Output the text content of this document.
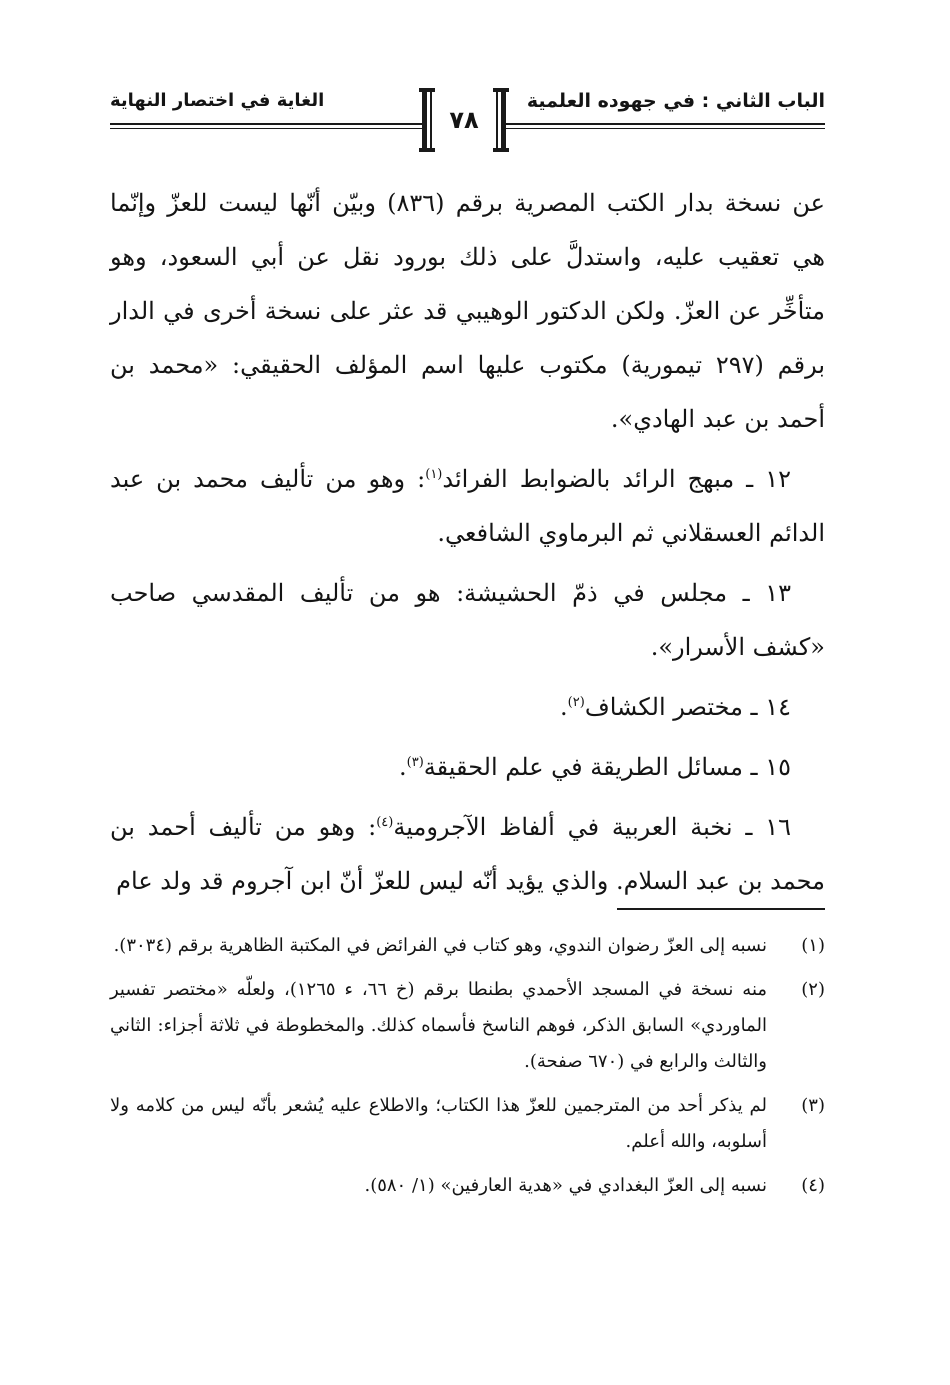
الباب الثاني : في جهوده العلمية
الغاية في اختصار النهاية
٧٨

عن نسخة بدار الكتب المصرية برقم (٨٣٦) وبيّن أنّها ليست للعزّ وإنّما هي تعقيب عليه، واستدلَّ على ذلك بورود نقل عن أبي السعود، وهو متأخِّر عن العزّ. ولكن الدكتور الوهيبي قد عثر على نسخة أخرى في الدار برقم (٢٩٧ تيمورية) مكتوب عليها اسم المؤلف الحقيقي: «محمد بن أحمد بن عبد الهادي».

١٢ ـ مبهج الرائد بالضوابط الفرائد$^{(١)}$: وهو من تأليف محمد بن عبد الدائم العسقلاني ثم البرماوي الشافعي.

١٣ ـ مجلس في ذمّ الحشيشة: هو من تأليف المقدسي صاحب «كشف الأسرار».

١٤ ـ مختصر الكشاف$^{(٢)}$.

١٥ ـ مسائل الطريقة في علم الحقيقة$^{(٣)}$.

١٦ ـ نخبة العربية في ألفاظ الآجرومية$^{(٤)}$: وهو من تأليف أحمد بن محمد بن عبد السلام. والذي يؤيد أنّه ليس للعزّ أنّ ابن آجروم قد ولد عام

(١)
نسبه إلى العزّ رضوان الندوي، وهو كتاب في الفرائض في المكتبة الظاهرية برقم (٣٠٣٤).
(٢)
منه نسخة في المسجد الأحمدي بطنطا برقم (خ ٦٦، ء ١٢٦٥)، ولعلّه «مختصر تفسير الماوردي» السابق الذكر، فوهم الناسخ فأسماه كذلك. والمخطوطة في ثلاثة أجزاء: الثاني والثالث والرابع في (٦٧٠ صفحة).
(٣)
لم يذكر أحد من المترجمين للعزّ هذا الكتاب؛ والاطلاع عليه يُشعر بأنّه ليس من كلامه ولا أسلوبه، والله أعلم.
(٤)
نسبه إلى العزّ البغدادي في «هدية العارفين» (١/ ٥٨٠).
